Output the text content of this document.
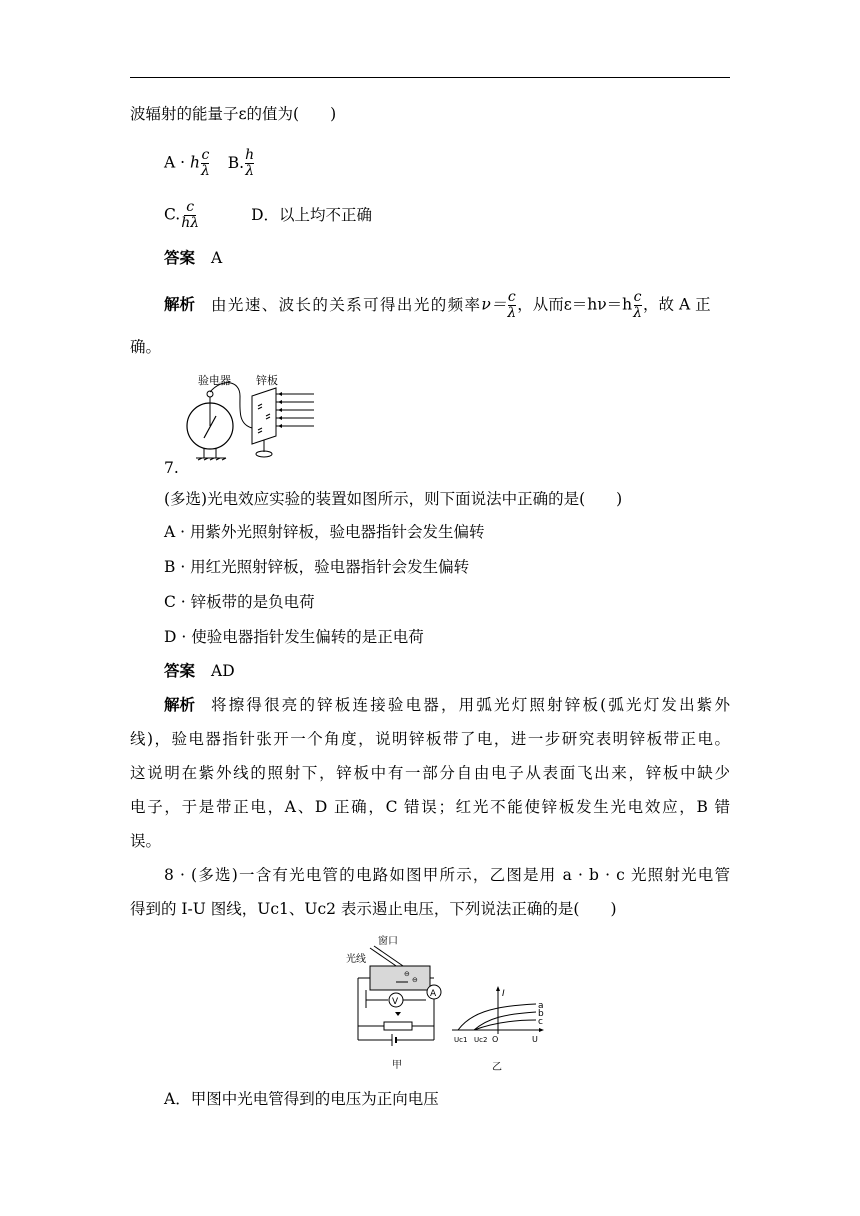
波辐射的能量子ε的值为(　　)
A · h $\frac{c}{\lambda} B$. $\frac{h}{\lambda}$
C. $\frac{c}{h\lambda}$	D．以上均不正确
答案 A
解析 由光速、波长的关系可得出光的频率$\nu= \frac{c}{\lambda}$ ，从而$\varepsilon=h\nu=h \frac{c}{\lambda}$ ，故 A 正
确。
验电器 锌板
7.
(多选)光电效应实验的装置如图所示，则下面说法中正确的是(　　)
A · 用紫外光照射锌板，验电器指针会发生偏转
B · 用红光照射锌板，验电器指针会发生偏转
C · 锌板带的是负电荷
D · 使验电器指针发生偏转的是正电荷
答案 AD
解析 将擦得很亮的锌板连接验电器，用弧光灯照射锌板(弧光灯发出紫外
线)，验电器指针张开一个角度，说明锌板带了电，进一步研究表明锌板带正电。
这说明在紫外线的照射下，锌板中有一部分自由电子从表面飞出来，锌板中缺少
电子，于是带正电，A、D 正确，C 错误；红光不能使锌板发生光电效应，B 错
误。
8 · (多选)一含有光电管的电路如图甲所示，乙图是用 a · b · c 光照射光电管
得到的 I-U 图线，Uc1、Uc2 表示遏止电压，下列说法正确的是(　　)
窗口
光线
⊖
⊖
A
V
甲
I
a
b
c
Uc1 Uc2 O	U
乙
A．甲图中光电管得到的电压为正向电压
